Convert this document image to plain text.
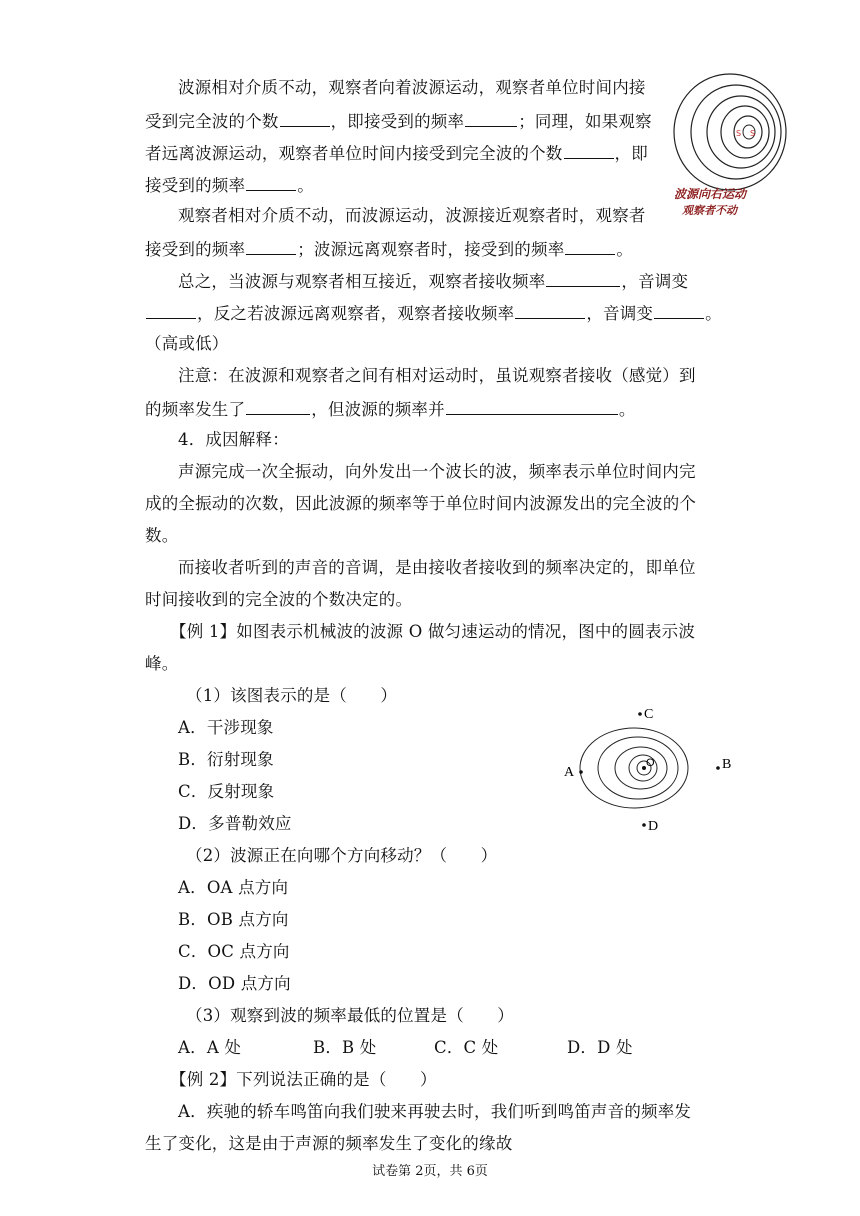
波源相对介质不动，观察者向着波源运动，观察者单位时间内接
受到完全波的个数	，即接受到的频率	；同理，如果观察
者远离波源运动，观察者单位时间内接受到完全波的个数	，即
接受到的频率	。
S S
波源向右运动
观察者不动
观察者相对介质不动，而波源运动，波源接近观察者时，观察者
接受到的频率	；波源远离观察者时，接受到的频率	。
总之，当波源与观察者相互接近，观察者接收频率	，音调变
，反之若波源远离观察者，观察者接收频率	，音调变	。
（高或低）
注意：在波源和观察者之间有相对运动时，虽说观察者接收（感觉）到
的频率发生了	，但波源的频率并	。
4．成因解释：
声源完成一次全振动，向外发出一个波长的波，频率表示单位时间内完
成的全振动的次数，因此波源的频率等于单位时间内波源发出的完全波的个
数。
而接收者听到的声音的音调，是由接收者接收到的频率决定的，即单位
时间接收到的完全波的个数决定的。
【例 1】如图表示机械波的波源 O 做匀速运动的情况，图中的圆表示波
峰。
（1）该图表示的是（　　）
A．干涉现象
B．衍射现象
C．反射现象
D．多普勒效应
O
A
B
C
D
（2）波源正在向哪个方向移动？（　　）
A．OA 点方向
B．OB 点方向
C．OC 点方向
D．OD 点方向
（3）观察到波的频率最低的位置是（　　）
A．A 处	B．B 处	C．C 处	D．D 处
【例 2】下列说法正确的是（　　）
A．疾驰的轿车鸣笛向我们驶来再驶去时，我们听到鸣笛声音的频率发
生了变化，这是由于声源的频率发生了变化的缘故
试卷第 2页，共 6页
